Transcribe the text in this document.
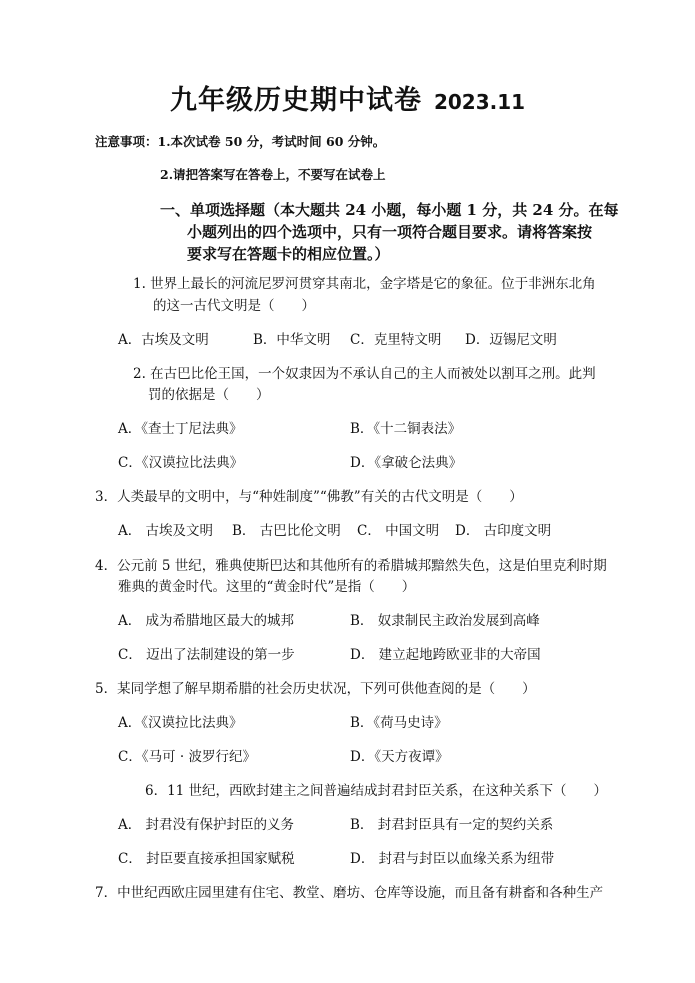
九年级历史期中试卷 2023.11
注意事项：1.本次试卷 50 分，考试时间 60 分钟。
2.请把答案写在答卷上，不要写在试卷上
一、单项选择题（本大题共 24 小题，每小题 1 分，共 24 分。在每
小题列出的四个选项中，只有一项符合题目要求。请将答案按
要求写在答题卡的相应位置。）
1. 世界上最长的河流尼罗河贯穿其南北，金字塔是它的象征。位于非洲东北角
的这一古代文明是（　　）
A．古埃及文明	B．中华文明 C．克里特文明 D．迈锡尼文明
2. 在古巴比伦王国，一个奴隶因为不承认自己的主人而被处以割耳之刑。此判
罚的依据是（　　）
A．《查士丁尼法典》	B．《十二铜表法》
C．《汉谟拉比法典》	D．《拿破仑法典》
3．人类最早的文明中，与“种姓制度”“佛教”有关的古代文明是（　　）
A． 古埃及文明 B． 古巴比伦文明 C． 中国文明 D． 古印度文明
4．公元前 5 世纪，雅典使斯巴达和其他所有的希腊城邦黯然失色，这是伯里克利时期
雅典的黄金时代。这里的“黄金时代”是指（　　）
A． 成为希腊地区最大的城邦	B． 奴隶制民主政治发展到高峰
C． 迈出了法制建设的第一步	D． 建立起地跨欧亚非的大帝国
5．某同学想了解早期希腊的社会历史状况，下列可供他查阅的是（　　）
A．《汉谟拉比法典》	B．《荷马史诗》
C．《马可 · 波罗行纪》	D．《天方夜谭》
6．11 世纪，西欧封建主之间普遍结成封君封臣关系，在这种关系下（　　）
A． 封君没有保护封臣的义务	B． 封君封臣具有一定的契约关系
C． 封臣要直接承担国家赋税	D． 封君与封臣以血缘关系为纽带
7．中世纪西欧庄园里建有住宅、教堂、磨坊、仓库等设施，而且备有耕畜和各种生产
